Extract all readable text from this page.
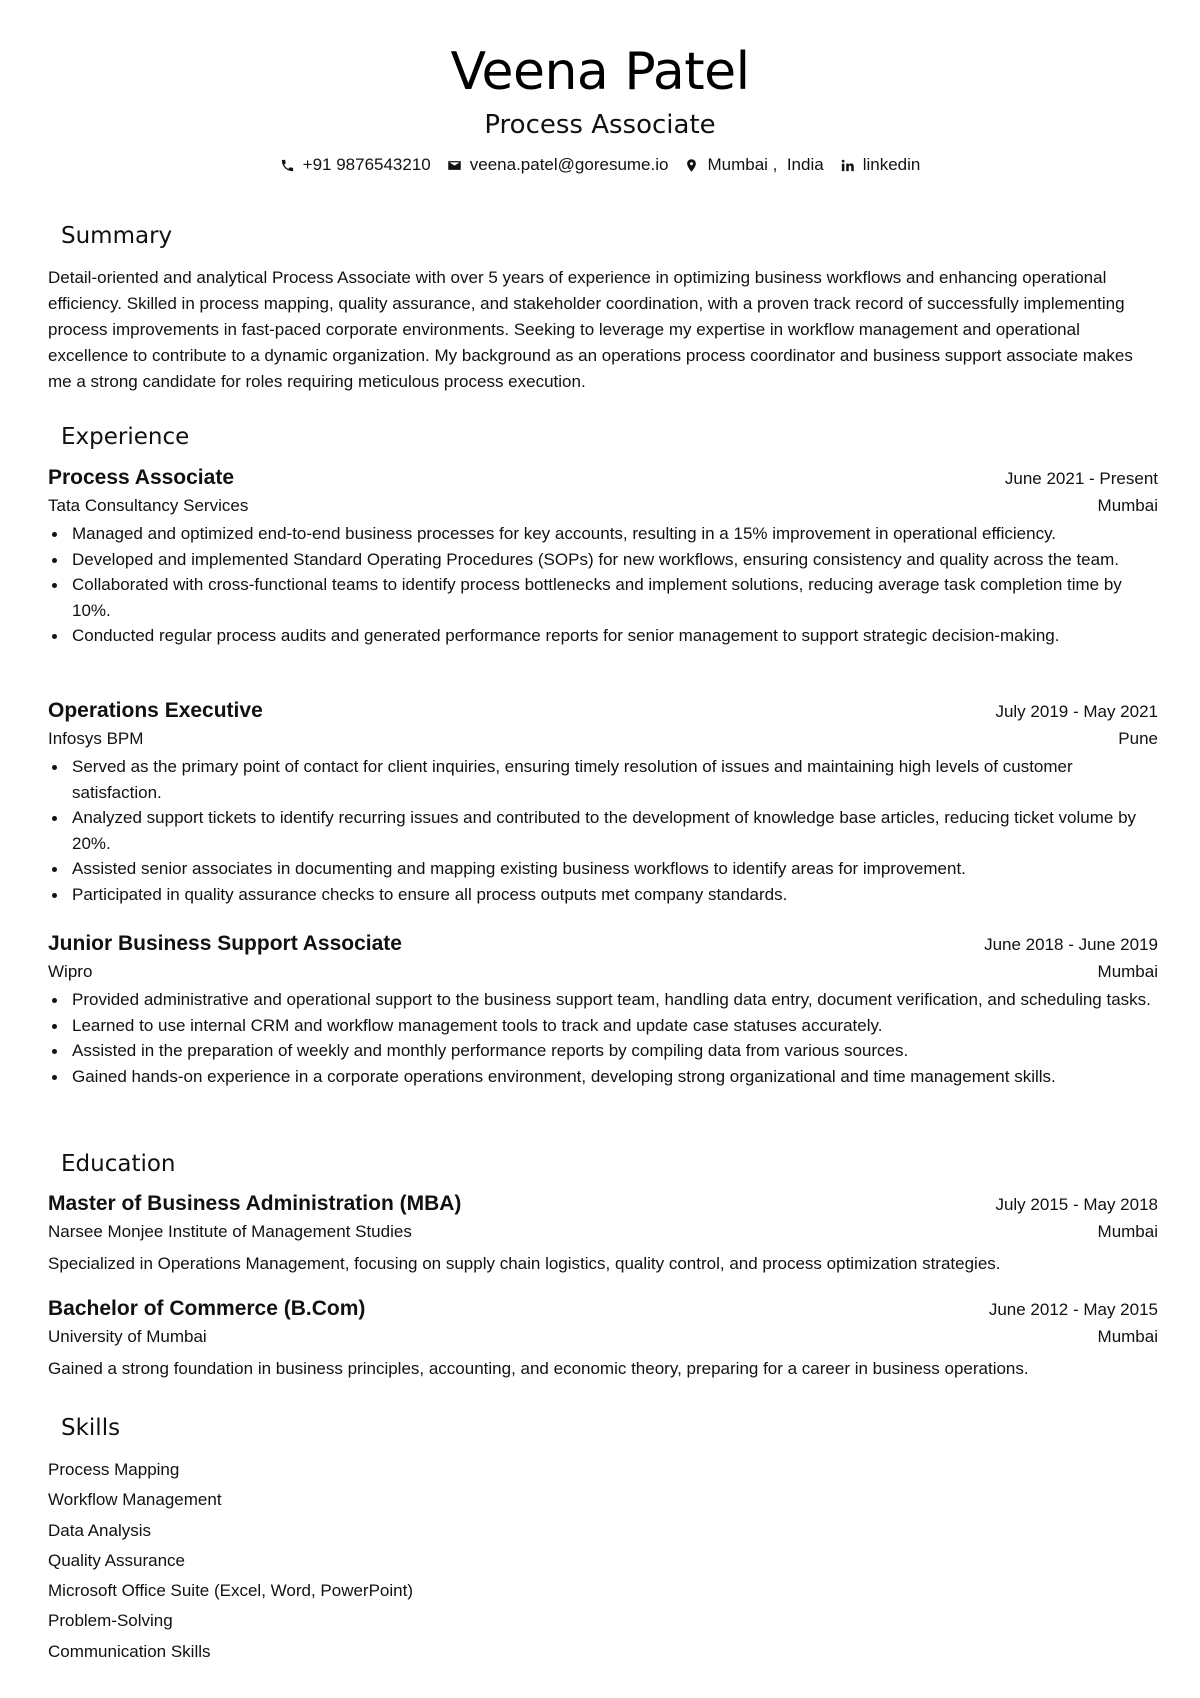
Veena Patel
Process Associate
+91 9876543210 veena.patel@goresume.io Mumbai ,  India linkedin
Summary
Detail-oriented and analytical Process Associate with over 5 years of experience in optimizing business workflows and enhancing operational efficiency. Skilled in process mapping, quality assurance, and stakeholder coordination, with a proven track record of successfully implementing process improvements in fast-paced corporate environments. Seeking to leverage my expertise in workflow management and operational excellence to contribute to a dynamic organization. My background as an operations process coordinator and business support associate makes me a strong candidate for roles requiring meticulous process execution.
Experience
Process Associate	June 2021 - Present
Tata Consultancy Services	Mumbai
Managed and optimized end-to-end business processes for key accounts, resulting in a 15% improvement in operational efficiency.
Developed and implemented Standard Operating Procedures (SOPs) for new workflows, ensuring consistency and quality across the team.
Collaborated with cross-functional teams to identify process bottlenecks and implement solutions, reducing average task completion time by 10%.
Conducted regular process audits and generated performance reports for senior management to support strategic decision-making.
Operations Executive	July 2019 - May 2021
Infosys BPM	Pune
Served as the primary point of contact for client inquiries, ensuring timely resolution of issues and maintaining high levels of customer satisfaction.
Analyzed support tickets to identify recurring issues and contributed to the development of knowledge base articles, reducing ticket volume by 20%.
Assisted senior associates in documenting and mapping existing business workflows to identify areas for improvement.
Participated in quality assurance checks to ensure all process outputs met company standards.
Junior Business Support Associate	June 2018 - June 2019
Wipro	Mumbai
Provided administrative and operational support to the business support team, handling data entry, document verification, and scheduling tasks.
Learned to use internal CRM and workflow management tools to track and update case statuses accurately.
Assisted in the preparation of weekly and monthly performance reports by compiling data from various sources.
Gained hands-on experience in a corporate operations environment, developing strong organizational and time management skills.
Education
Master of Business Administration (MBA)	July 2015 - May 2018
Narsee Monjee Institute of Management Studies	Mumbai
Specialized in Operations Management, focusing on supply chain logistics, quality control, and process optimization strategies.
Bachelor of Commerce (B.Com)	June 2012 - May 2015
University of Mumbai	Mumbai
Gained a strong foundation in business principles, accounting, and economic theory, preparing for a career in business operations.
Skills
Process Mapping
Workflow Management
Data Analysis
Quality Assurance
Microsoft Office Suite (Excel, Word, PowerPoint)
Problem-Solving
Communication Skills
